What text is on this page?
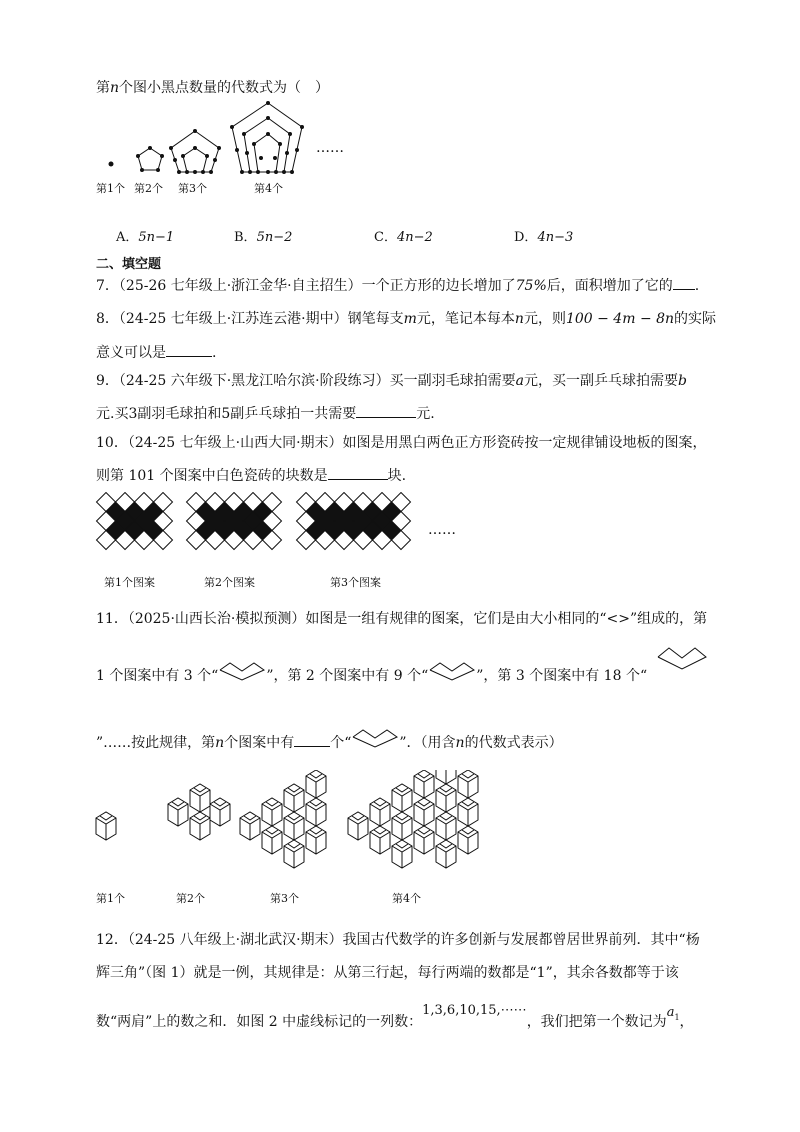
第n个图小黑点数量的代数式为（　）
……
第1个 第2个 第3个	第4个
A．5n−1	B．5n−2	C．4n−2	D．4n−3
二、填空题
7．（25-26 七年级上·浙江金华·自主招生）一个正方形的边长增加了75%后，面积增加了它的 .
8．（24-25 七年级上·江苏连云港·期中）钢笔每支m元，笔记本每本n元，则100 − 4m − 8n的实际
意义可以是	.
9．（24-25 六年级下·黑龙江哈尔滨·阶段练习）买一副羽毛球拍需要a元，买一副乒乓球拍需要b
元.买3副羽毛球拍和5副乒乓球拍一共需要	元.
10．（24-25 七年级上·山西大同·期末）如图是用黑白两色正方形瓷砖按一定规律铺设地板的图案，
则第 101 个图案中白色瓷砖的块数是	块.
……
第1个图案	第2个图案	第3个图案
11．（2025·山西长治·模拟预测）如图是一组有规律的图案，它们是由大小相同的“<>”组成的，第
1 个图案中有 3 个“	”，第 2 个图案中有 9 个“	”，第 3 个图案中有 18 个“
”……按此规律，第n个图案中有	个“	”．（用含n的代数式表示）
第1个	第2个	第3个	第4个
12．（24-25 八年级上·湖北武汉·期末）我国古代数学的许多创新与发展都曾居世界前列．其中“杨
辉三角”（图 1）就是一例，其规律是：从第三行起，每行两端的数都是“1”，其余各数都等于该
数“两肩”上的数之和．如图 2 中虚线标记的一列数：1,3,6,10,15,⋯⋯，我们把第一个数记为$a_1$，
